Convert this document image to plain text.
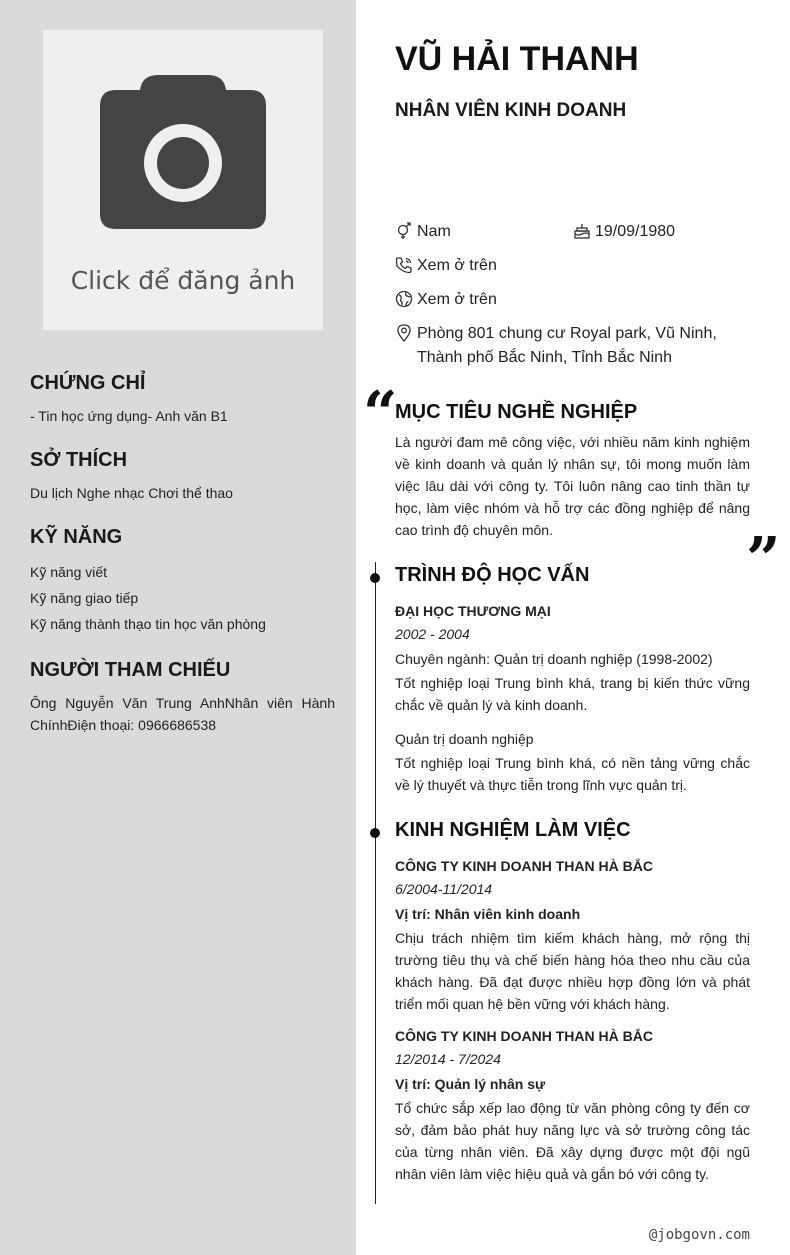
Click để đăng ảnh
CHỨNG CHỈ
- Tin học ứng dụng- Anh văn B1
SỞ THÍCH
Du lịch Nghe nhạc Chơi thể thao
KỸ NĂNG
Kỹ năng viết
Kỹ năng giao tiếp
Kỹ năng thành thạo tin học văn phòng
NGƯỜI THAM CHIẾU
Ông Nguyễn Văn Trung AnhNhân viên Hành ChínhĐiện thoại: 0966686538
VŨ HẢI THANH
NHÂN VIÊN KINH DOANH
Nam	19/09/1980
Xem ở trên
Xem ở trên
Phòng 801 chung cư Royal park, Vũ Ninh,
Thành phố Bắc Ninh, Tỉnh Bắc Ninh
“
MỤC TIÊU NGHỀ NGHIỆP
Là người đam mê công việc, với nhiều năm kinh nghiệm về kinh doanh và quản lý nhân sự, tôi mong muốn làm việc lâu dài với công ty. Tôi luôn nâng cao tinh thần tự học, làm việc nhóm và hỗ trợ các đồng nghiệp để nâng cao trình độ chuyên môn.	”
TRÌNH ĐỘ HỌC VẤN
ĐẠI HỌC THƯƠNG MẠI
2002 - 2004
Chuyên ngành: Quản trị doanh nghiệp (1998-2002)
Tốt nghiệp loại Trung bình khá, trang bị kiến thức vững chắc về quản lý và kinh doanh.
Quản trị doanh nghiệp
Tốt nghiệp loại Trung bình khá, có nền tảng vững chắc về lý thuyết và thực tiễn trong lĩnh vực quản trị.
KINH NGHIỆM LÀM VIỆC
CÔNG TY KINH DOANH THAN HÀ BẮC
6/2004-11/2014
Vị trí: Nhân viên kinh doanh
Chịu trách nhiệm tìm kiếm khách hàng, mở rộng thị trường tiêu thụ và chế biến hàng hóa theo nhu cầu của khách hàng. Đã đạt được nhiều hợp đồng lớn và phát triển mối quan hệ bền vững với khách hàng.
CÔNG TY KINH DOANH THAN HÀ BẮC
12/2014 - 7/2024
Vị trí: Quản lý nhân sự
Tổ chức sắp xếp lao động từ văn phòng công ty đến cơ sở, đảm bảo phát huy năng lực và sở trường công tác của từng nhân viên. Đã xây dựng được một đội ngũ nhân viên làm việc hiệu quả và gắn bó với công ty.
@jobgovn.com
